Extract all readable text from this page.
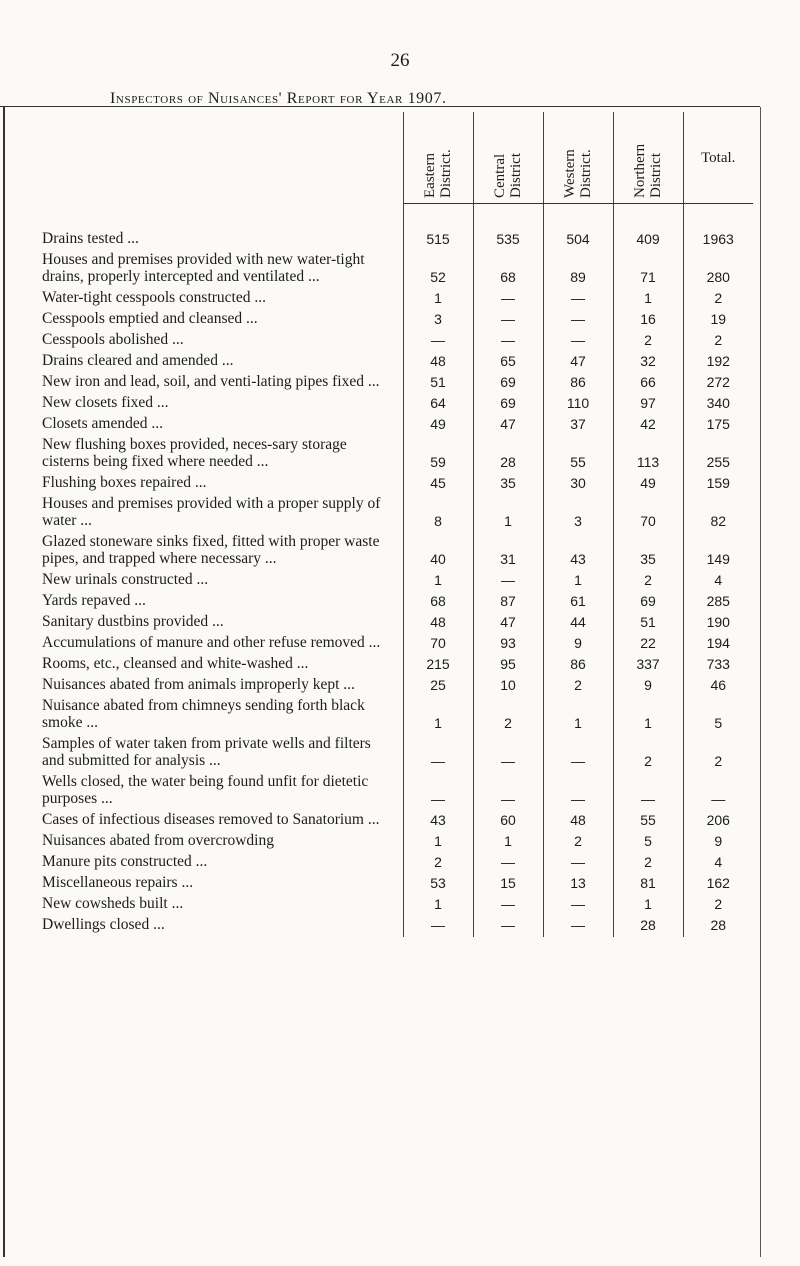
26
Inspectors of Nuisances' Report for Year 1907.
	Eastern District.	Central District	Western District.	Northern District	Total.
Drains tested ...	515	535	504	409	1963
Houses and premises provided with new water-tight drains, properly intercepted and ventilated ...	52	68	89	71	280
Water-tight cesspools constructed ...	1	—	—	1	2
Cesspools emptied and cleansed ...	3	—	—	16	19
Cesspools abolished ...	—	—	—	2	2
Drains cleared and amended ...	48	65	47	32	192
New iron and lead, soil, and venti-lating pipes fixed ...	51	69	86	66	272
New closets fixed ...	64	69	110	97	340
Closets amended ...	49	47	37	42	175
New flushing boxes provided, neces-sary storage cisterns being fixed where needed ...	59	28	55	113	255
Flushing boxes repaired ...	45	35	30	49	159
Houses and premises provided with a proper supply of water ...	8	1	3	70	82
Glazed stoneware sinks fixed, fitted with proper waste pipes, and trapped where necessary ...	40	31	43	35	149
New urinals constructed ...	1	—	1	2	4
Yards repaved ...	68	87	61	69	285
Sanitary dustbins provided ...	48	47	44	51	190
Accumulations of manure and other refuse removed ...	70	93	9	22	194
Rooms, etc., cleansed and white-washed ...	215	95	86	337	733
Nuisances abated from animals improperly kept ...	25	10	2	9	46
Nuisance abated from chimneys sending forth black smoke ...	1	2	1	1	5
Samples of water taken from private wells and filters and submitted for analysis ...	—	—	—	2	2
Wells closed, the water being found unfit for dietetic purposes ...	—	—	—	—	—
Cases of infectious diseases removed to Sanatorium ...	43	60	48	55	206
Nuisances abated from overcrowding	1	1	2	5	9
Manure pits constructed ...	2	—	—	2	4
Miscellaneous repairs ...	53	15	13	81	162
New cowsheds built ...	1	—	—	1	2
Dwellings closed ...	—	—	—	28	28
